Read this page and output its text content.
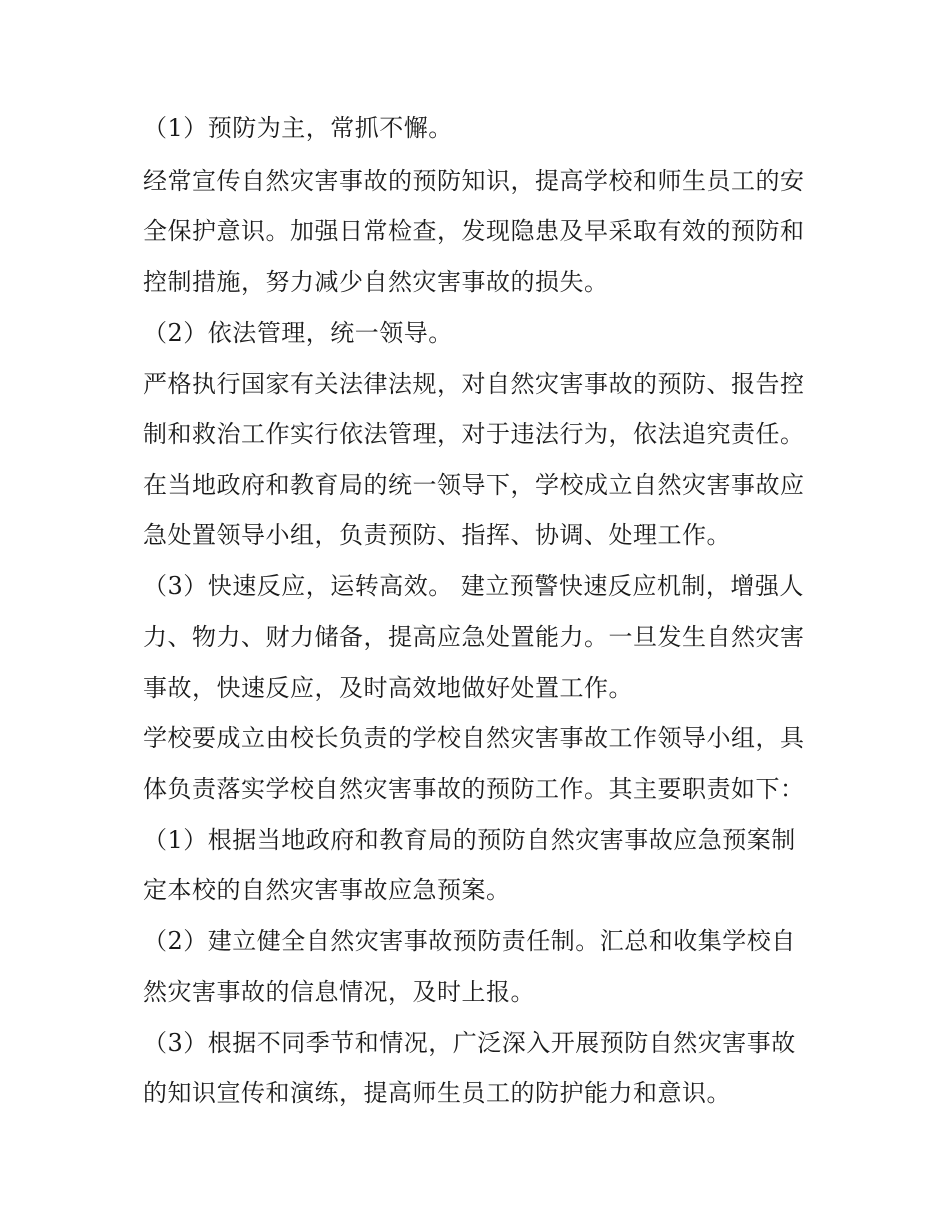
（1）预防为主，常抓不懈。

经常宣传自然灾害事故的预防知识，提高学校和师生员工的安

全保护意识。加强日常检查，发现隐患及早采取有效的预防和

控制措施，努力减少自然灾害事故的损失。

（2）依法管理，统一领导。

严格执行国家有关法律法规，对自然灾害事故的预防、报告控

制和救治工作实行依法管理，对于违法行为，依法追究责任。

在当地政府和教育局的统一领导下，学校成立自然灾害事故应

急处置领导小组，负责预防、指挥、协调、处理工作。

（3）快速反应，运转高效。 建立预警快速反应机制，增强人

力、物力、财力储备，提高应急处置能力。一旦发生自然灾害

事故，快速反应，及时高效地做好处置工作。

学校要成立由校长负责的学校自然灾害事故工作领导小组，具

体负责落实学校自然灾害事故的预防工作。其主要职责如下：

（1）根据当地政府和教育局的预防自然灾害事故应急预案制

定本校的自然灾害事故应急预案。

（2）建立健全自然灾害事故预防责任制。汇总和收集学校自

然灾害事故的信息情况，及时上报。

（3）根据不同季节和情况，广泛深入开展预防自然灾害事故

的知识宣传和演练，提高师生员工的防护能力和意识。
